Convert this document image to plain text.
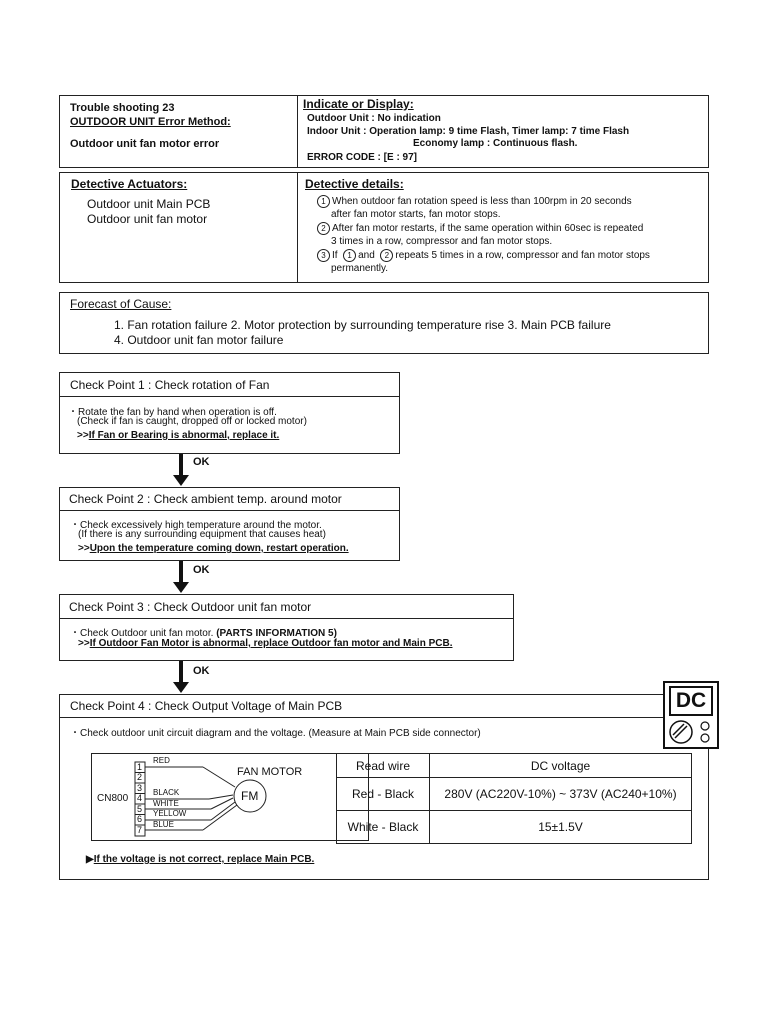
Trouble shooting 23
OUTDOOR UNIT Error Method:
Outdoor unit fan motor error
Indicate or Display:
Outdoor Unit : No indication
Indoor Unit : Operation lamp: 9 time Flash, Timer lamp: 7 time Flash
Economy lamp : Continuous flash.
ERROR CODE : [E : 97]
Detective Actuators:
Outdoor unit Main PCB
Outdoor unit fan motor
Detective details:
1 When outdoor fan rotation speed is less than 100rpm in 20 seconds
after fan motor starts, fan motor stops.
2 After fan motor restarts, if the same operation within 60sec is repeated
3 times in a row, compressor and fan motor stops.
3 If 1 and 2 repeats 5 times in a row, compressor and fan motor stops
permanently.
Forecast of Cause:
1. Fan rotation failure 2. Motor protection by surrounding temperature rise 3. Main PCB failure
4. Outdoor unit fan motor failure
Check Point 1 : Check rotation of Fan
・Rotate the fan by hand when operation is off.
(Check if fan is caught, dropped off or locked motor)
>>If Fan or Bearing is abnormal, replace it.
OK
Check Point 2 : Check ambient temp. around motor
・Check excessively high temperature around the motor.
(If there is any surrounding equipment that causes heat)
>>Upon the temperature coming down, restart operation.
OK
Check Point 3 : Check Outdoor unit fan motor
・Check Outdoor unit fan motor. (PARTS INFORMATION 5)
>>If Outdoor Fan Motor is abnormal, replace Outdoor fan motor and Main PCB.
OK
Check Point 4 : Check Output Voltage of Main PCB
・Check outdoor unit circuit diagram and the voltage. (Measure at Main PCB side connector)
CN800
1
2
3
4
5
6
7
RED
BLACK
WHITE
YELLOW
BLUE
FAN MOTOR
FM
Read wire	DC voltage
Red - Black	280V (AC220V-10%) ~ 373V (AC240+10%)
White - Black	15±1.5V
▶If the voltage is not correct, replace Main PCB.
DC
